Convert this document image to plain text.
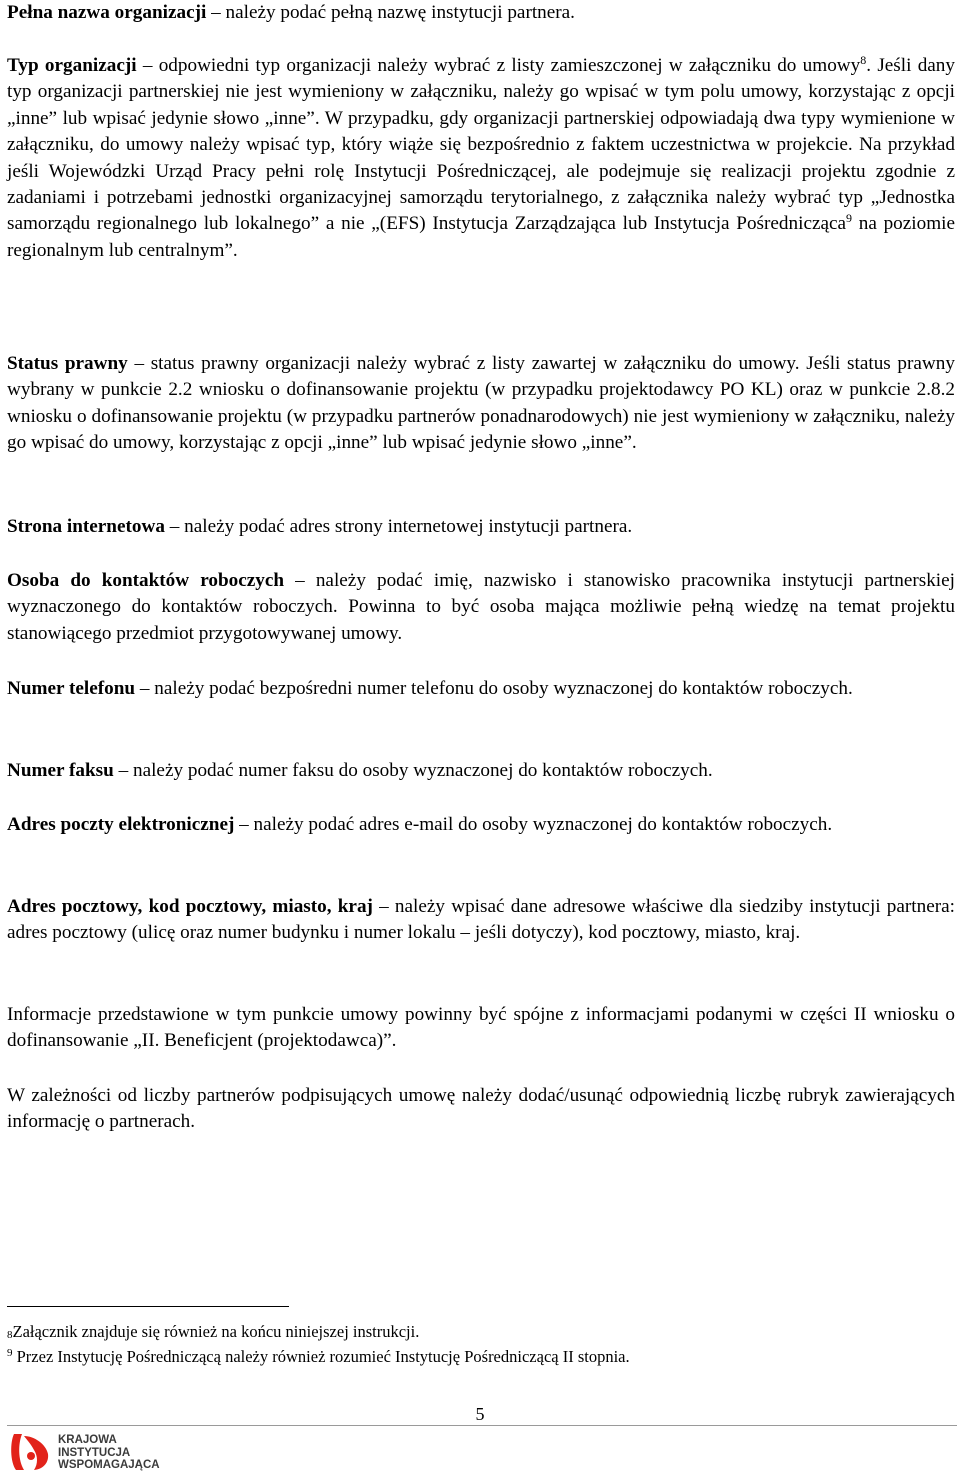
Pełna nazwa organizacji – należy podać pełną nazwę instytucji partnera.

Typ organizacji – odpowiedni typ organizacji należy wybrać z listy zamieszczonej w załączniku do umowy$^8$. Jeśli dany typ organizacji partnerskiej nie jest wymieniony w załączniku, należy go wpisać w tym polu umowy, korzystając z opcji „inne” lub wpisać jedynie słowo „inne”. W przypadku, gdy organizacji partnerskiej odpowiadają dwa typy wymienione w załączniku, do umowy należy wpisać typ, który wiąże się bezpośrednio z faktem uczestnictwa w projekcie. Na przykład jeśli Wojewódzki Urząd Pracy pełni rolę Instytucji Pośredniczącej, ale podejmuje się realizacji projektu zgodnie z zadaniami i potrzebami jednostki organizacyjnej samorządu terytorialnego, z załącznika należy wybrać typ „Jednostka samorządu regionalnego lub lokalnego” a nie „(EFS) Instytucja Zarządzająca lub Instytucja Pośrednicząca$^9$ na poziomie regionalnym lub centralnym”.

Status prawny – status prawny organizacji należy wybrać z listy zawartej w załączniku do umowy. Jeśli status prawny wybrany w punkcie 2.2 wniosku o dofinansowanie projektu (w przypadku projektodawcy PO KL) oraz w punkcie 2.8.2 wniosku o dofinansowanie projektu (w przypadku partnerów ponadnarodowych) nie jest wymieniony w załączniku, należy go wpisać do umowy, korzystając z opcji „inne” lub wpisać jedynie słowo „inne”.

Strona internetowa – należy podać adres strony internetowej instytucji partnera.

Osoba do kontaktów roboczych – należy podać imię, nazwisko i stanowisko pracownika instytucji partnerskiej wyznaczonego do kontaktów roboczych. Powinna to być osoba mająca możliwie pełną wiedzę na temat projektu stanowiącego przedmiot przygotowywanej umowy.

Numer telefonu – należy podać bezpośredni numer telefonu do osoby wyznaczonej do kontaktów roboczych.

Numer faksu – należy podać numer faksu do osoby wyznaczonej do kontaktów roboczych.

Adres poczty elektronicznej – należy podać adres e-mail do osoby wyznaczonej do kontaktów roboczych.

Adres pocztowy, kod pocztowy, miasto, kraj – należy wpisać dane adresowe właściwe dla siedziby instytucji partnera: adres pocztowy (ulicę oraz numer budynku i numer lokalu – jeśli dotyczy), kod pocztowy, miasto, kraj.

Informacje przedstawione w tym punkcie umowy powinny być spójne z informacjami podanymi w części II wniosku o dofinansowanie „II. Beneficjent (projektodawca)”.

W zależności od liczby partnerów podpisujących umowę należy dodać/usunąć odpowiednią liczbę rubryk zawierających informację o partnerach.

$^8$Załącznik znajduje się również na końcu niniejszej instrukcji.
$^9$ Przez Instytucję Pośredniczącą należy również rozumieć Instytucję Pośredniczącą II stopnia.
5
KRAJOWA
INSTYTUCJA
WSPOMAGAJĄCA
